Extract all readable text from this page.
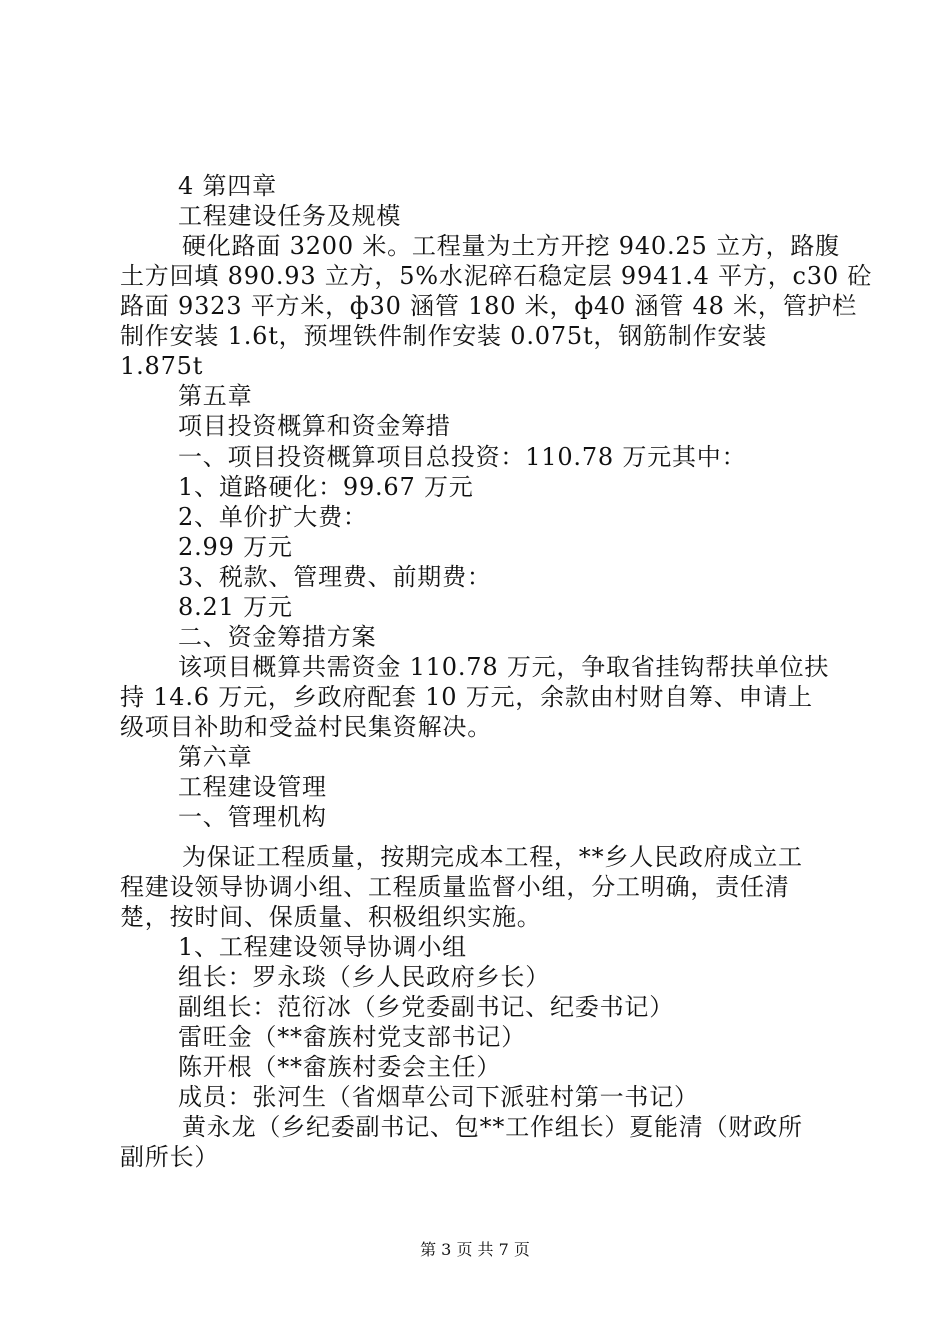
4 第四章
工程建设任务及规模
硬化路面 3200 米。工程量为土方开挖 940.25 立方，路腹
土方回填 890.93 立方，5%水泥碎石稳定层 9941.4 平方，c30 砼
路面 9323 平方米，ф30 涵管 180 米，ф40 涵管 48 米，管护栏
制作安装 1.6t，预埋铁件制作安装 0.075t，钢筋制作安装
1.875t
第五章
项目投资概算和资金筹措
一、项目投资概算项目总投资：110.78 万元其中：
1、道路硬化：99.67 万元
2、单价扩大费：
2.99 万元
3、税款、管理费、前期费：
8.21 万元
二、资金筹措方案
该项目概算共需资金 110.78 万元，争取省挂钩帮扶单位扶
持 14.6 万元，乡政府配套 10 万元，余款由村财自筹、申请上
级项目补助和受益村民集资解决。
第六章
工程建设管理
一、管理机构
为保证工程质量，按期完成本工程，**乡人民政府成立工
程建设领导协调小组、工程质量监督小组，分工明确，责任清
楚，按时间、保质量、积极组织实施。
1、工程建设领导协调小组
组长：罗永琰（乡人民政府乡长）
副组长：范衍冰（乡党委副书记、纪委书记）
雷旺金（**畲族村党支部书记）
陈开根（**畲族村委会主任）
成员：张河生（省烟草公司下派驻村第一书记）
黄永龙（乡纪委副书记、包**工作组长）夏能清（财政所
副所长）
第 3 页 共 7 页
